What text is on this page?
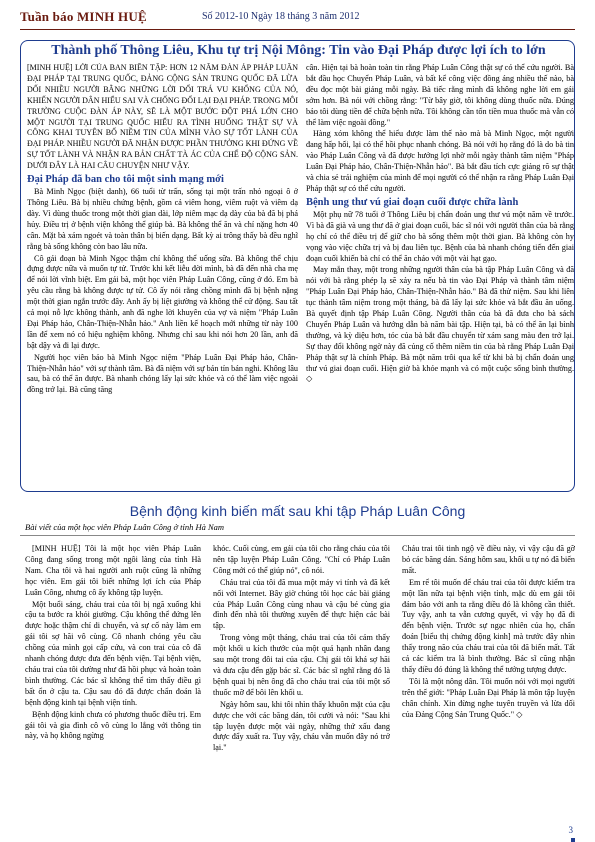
Tuần báo MINH HUỆ	Số 2012-10 Ngày 18 tháng 3 năm 2012
Thành phố Thông Liêu, Khu tự trị Nội Mông: Tin vào Đại Pháp được lợi ích to lớn

[MINH HUỆ] LỜI CỦA BAN BIÊN TẬP: HƠN 12 NĂM ĐÀN ÁP PHÁP LUÂN ĐẠI PHÁP TẠI TRUNG QUỐC, ĐẢNG CỘNG SẢN TRUNG QUỐC ĐÃ LỪA DỐI NHIỀU NGƯỜI BẰNG NHỮNG LỜI DỐI TRÁ VU KHỐNG CỦA NÓ, KHIẾN NGƯỜI DÂN HIỂU SAI VÀ CHỐNG ĐỐI LẠI ĐẠI PHÁP. TRONG MÔI TRƯỜNG CUỘC ĐÀN ÁP NÀY, SẼ LÀ MỘT BƯỚC ĐỘT PHÁ LỚN CHO MỘT NGƯỜI TẠI TRUNG QUỐC HIỂU RA TÌNH HUỐNG THẬT SỰ VÀ CÔNG KHAI TUYÊN BỐ NIỀM TIN CỦA MÌNH VÀO SỰ TỐT LÀNH CỦA ĐẠI PHÁP. NHIỀU NGƯỜI ĐÃ NHẬN ĐƯỢC PHẦN THƯỞNG KHI ĐỨNG VỀ SỰ TỐT LÀNH VÀ NHẬN RA BẢN CHẤT TÀ ÁC CỦA CHẾ ĐỘ CỘNG SẢN. DƯỚI ĐÂY LÀ HAI CÂU CHUYỆN NHƯ VẬY.

Đại Pháp đã ban cho tôi một sinh mạng mới

Bà Minh Ngọc (biệt danh), 66 tuổi từ trấn, sống tại một trấn nhỏ ngoại ô ở Thông Liêu. Bà bị nhiều chứng bệnh, gồm cả viêm hong, viêm ruột và viêm dạ dày. Vì dùng thuốc trong một thời gian dài, lớp niêm mạc dạ dày của bà đã bị phá hủy. Điều trị ở bệnh viện không thể giúp bà. Bà không thể ăn và chỉ nặng hơn 40 cân. Mặt bà xám ngoét và toàn thân bị biến dạng. Bất kỳ ai trông thấy bà đều nghĩ rằng bà sống không còn bao lâu nữa.

Cô gái đoạn bà Minh Ngọc thậm chí không thể uống sữa. Bà không thể chịu đựng được nữa và muốn tự tử. Trước khi kết liễu đời mình, bà đã đến nhà cha mẹ để nói lời vĩnh biệt. Em gái bà, một học viên Pháp Luân Công, cũng ở đó. Em bà yêu cầu rằng bà không được tự tử. Cô ấy nói rằng chồng mình đã bị bệnh nặng một thời gian ngắn trước đây. Anh ấy bị liệt giường và không thể cử động. Sau tất cả mọi nỗ lực không thành, anh đã nghe lời khuyên của vợ và niệm "Pháp Luân Đại Pháp hảo, Chân-Thiện-Nhẫn hảo." Anh liền kế hoạch mới những từ này 100 lần để xem nó có hiệu nghiệm không. Nhưng chỉ sau khi nói hơn 20 lần, anh đã bật dậy và đi lại được.

Người học viên bảo bà Minh Ngọc niệm "Pháp Luân Đại Pháp hảo, Chân-Thiện-Nhẫn hảo" với sự thành tâm. Bà đã niệm với sự bán tín bán nghi. Không lâu sau, bà có thể ăn được. Bà nhanh chóng lấy lại sức khỏe và có thể làm việc ngoài đồng trở lại. Bà cũng tăng

cân. Hiện tại bà hoàn toàn tin rằng Pháp Luân Công thật sự có thể cứu người. Bà bắt đầu học Chuyển Pháp Luân, và bất kể công việc đồng áng nhiều thế nào, bà đều đọc một bài giảng mỗi ngày. Bà tiếc rằng mình đã không nghe lời em gái sớm hơn. Bà nói với chồng rằng: "Từ bây giờ, tôi không dùng thuốc nữa. Đúng bảo tôi dùng tiền để chữa bệnh nữa. Tôi không cần tốn tiền mua thuốc mà vẫn có thể làm việc ngoài đồng."

Hàng xóm không thể hiểu được làm thế nào mà bà Minh Ngọc, một người đang hấp hối, lại có thể hồi phục nhanh chóng. Bà nói với họ rằng đó là do bà tin vào Pháp Luân Công và đã được hưởng lợi nhờ mỗi ngày thành tâm niệm "Pháp Luân Đại Pháp hảo, Chân-Thiện-Nhẫn hảo". Bà bắt đầu tích cực giảng rõ sự thật và chia sẻ trải nghiệm của mình để mọi người có thể nhận ra rằng Pháp Luân Đại Pháp thật sự có thể cứu người.

Bệnh ung thư vú giai đoạn cuối được chữa lành

Một phụ nữ 78 tuổi ở Thông Liêu bị chẩn đoán ung thư vú một năm về trước. Vì bà đã già và ung thư đã ở giai đoạn cuối, bác sĩ nói với người thân của bà rằng họ chỉ có thể điều trị để giữ cho bà sống thêm một thời gian. Bà không còn hy vọng vào việc chữa trị và bị đau liên tục. Bệnh của bà nhanh chóng tiến đến giai đoạn cuối khiến bà chỉ có thể ăn cháo với một vài hạt gạo.

May mắn thay, một trong những người thân của bà tập Pháp Luân Công và đã nói với bà rằng phép lạ sẽ xảy ra nếu bà tin vào Đại Pháp và thành tâm niệm "Pháp Luân Đại Pháp hảo, Chân-Thiện-Nhẫn hảo." Bà đã thử niệm. Sau khi liên tục thành tâm niệm trong một tháng, bà đã lấy lại sức khỏe và bắt đầu ăn uống. Bà quyết định tập Pháp Luân Công. Người thân của bà đã đưa cho bà sách Chuyển Pháp Luân và hướng dẫn bà năm bài tập. Hiện tại, bà có thể ăn lại bình thường, và kỳ diệu hơn, tóc của bà bắt đầu chuyển từ xám sang màu đen trở lại. Sự thay đổi không ngờ này đã củng cố thêm niềm tin của bà rằng Pháp Luân Đại Pháp thật sự là chính Pháp. Bà một năm trôi qua kể từ khi bà bị chẩn đoán ung thư vú giai đoạn cuối. Hiện giờ bà khỏe mạnh và có một cuộc sống bình thường. ◇

Bệnh động kinh biến mất sau khi tập Pháp Luân Công
Bài viết của một học viên Pháp Luân Công ở tỉnh Hà Nam

[MINH HUỆ] Tôi là một học viên Pháp Luân Công đang sống trong một ngôi làng của tỉnh Hà Nam. Cha tôi và hai người anh ruột cũng là những học viên. Em gái tôi biết những lợi ích của Pháp Luân Công, nhưng cô ấy không tập luyện.

Một buổi sáng, cháu trai của tôi bị ngã xuống khi cậu ta bước ra khỏi giường. Cậu không thể đứng lên được hoặc thậm chí di chuyển, và sự cố này làm em gái tôi sợ hãi vô cùng. Cô nhanh chóng yêu cầu chồng của mình gọi cấp cứu, và con trai của cô đã nhanh chóng được đưa đến bệnh viện. Tại bệnh viện, cháu trai của tôi dường như đã hồi phục và hoàn toàn bình thường. Các bác sĩ không thể tìm thấy điều gì bất ổn ở cậu ta. Cậu sau đó đã được chẩn đoán là bệnh động kinh tại bệnh viện tỉnh.

Bệnh động kinh chưa có phương thuốc điều trị. Em gái tôi và gia đình cô vô cùng lo lắng với thông tin này, và họ không ngừng

khóc. Cuối cùng, em gái của tôi cho rằng cháu của tôi nên tập luyện Pháp Luân Công. "Chỉ có Pháp Luân Công mới có thể giúp nó", cô nói.

Cháu trai của tôi đã mua một máy vi tính và đã kết nối với Internet. Bây giờ chúng tôi học các bài giảng của Pháp Luân Công cùng nhau và cậu bé cùng gia đình đến nhà tôi thường xuyên để thực hiện các bài tập.

Trong vòng một tháng, cháu trai của tôi cảm thấy một khối u kích thước của một quả hạnh nhân đang sau một trong đôi tai của cậu. Chị gái tôi khá sợ hãi và đưa cậu đến gặp bác sĩ. Các bác sĩ nghĩ rằng đó là bệnh quai bị nên ông đã cho cháu trai của tôi một số thuốc mỡ để bôi lên khối u.

Ngày hôm sau, khi tôi nhìn thấy khuôn mặt của cậu được che với các băng dán, tôi cười và nói: "Sau khi tập luyện được một vài ngày, những thứ xấu đang được đẩy xuất ra. Tuy vậy, cháu vẫn muốn đây nó trở lại."

Cháu trai tôi tinh ngộ về điều này, vì vậy cậu đã gỡ bỏ các băng dán. Sáng hôm sau, khối u tự nó đã biến mất.

Em rể tôi muốn để cháu trai của tôi được kiểm tra một lần nữa tại bệnh viện tỉnh, mặc dù em gái tôi đảm bảo với anh ta rằng điều đó là không cần thiết. Tuy vậy, anh ta vẫn cương quyết, vì vậy họ đã đi đến bệnh viện. Trước sự ngạc nhiên của họ, chẩn đoán [biểu thị chứng động kinh] mà trước đây nhìn thấy trong não của cháu trai của tôi đã biến mất. Tất cả các kiểm tra là bình thường. Bác sĩ cũng nhận thấy điều đó đúng là không thể tưởng tượng được.

Tôi là một nông dân. Tôi muốn nói với mọi người trên thế giới: "Pháp Luân Đại Pháp là môn tập luyện chân chính. Xin đừng nghe tuyên truyền và lừa dối của Đảng Cộng Sản Trung Quốc." ◇

3
